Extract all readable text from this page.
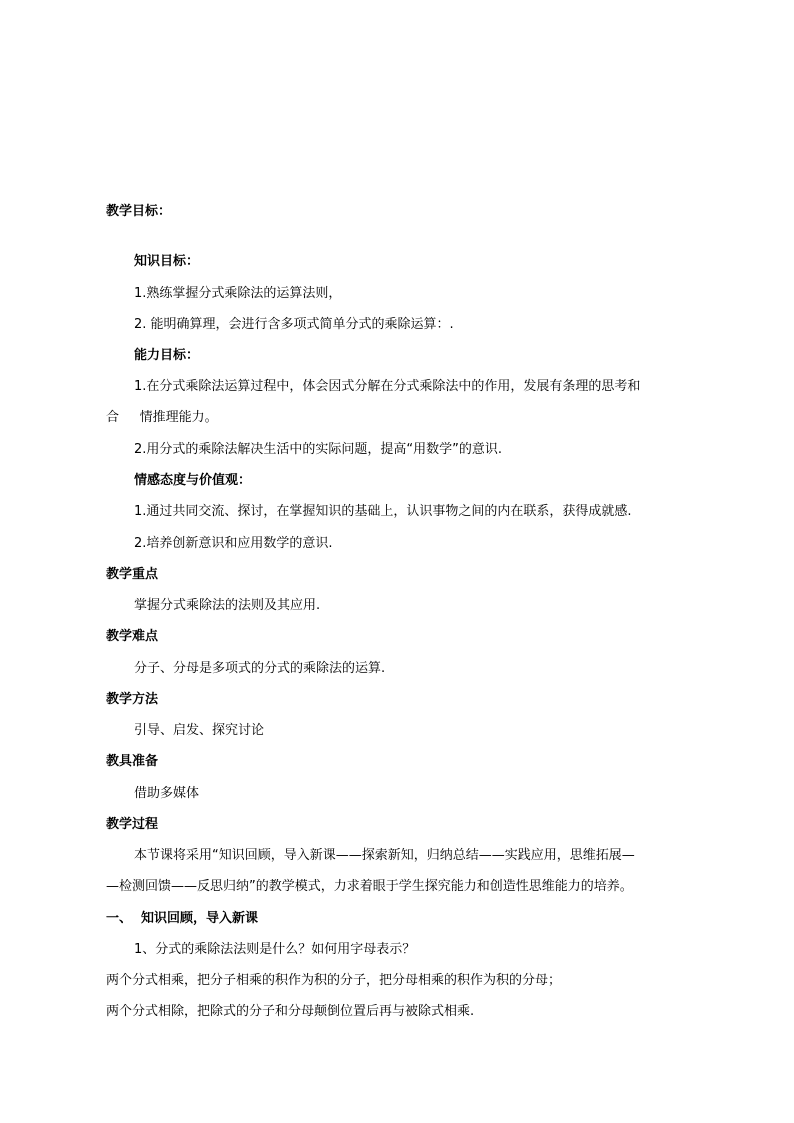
教学目标：
知识目标：
1.熟练掌握分式乘除法的运算法则，
2. 能明确算理，会进行含多项式简单分式的乘除运算：.
能力目标：
1.在分式乘除法运算过程中，体会因式分解在分式乘除法中的作用，发展有条理的思考和
合     情推理能力。
2.用分式的乘除法解决生活中的实际问题，提高“用数学”的意识.
情感态度与价值观：
1.通过共同交流、探讨，在掌握知识的基础上，认识事物之间的内在联系，获得成就感.
2.培养创新意识和应用数学的意识.
教学重点
掌握分式乘除法的法则及其应用.
教学难点
分子、分母是多项式的分式的乘除法的运算.
教学方法
引导、启发、探究讨论
教具准备
借助多媒体
教学过程
本节课将采用“知识回顾，导入新课——探索新知，归纳总结——实践应用，思维拓展—
—检测回馈——反思归纳”的教学模式，力求着眼于学生探究能力和创造性思维能力的培养。
一、  知识回顾，导入新课
1、分式的乘除法法则是什么？如何用字母表示？
两个分式相乘，把分子相乘的积作为积的分子，把分母相乘的积作为积的分母；
两个分式相除，把除式的分子和分母颠倒位置后再与被除式相乘.
